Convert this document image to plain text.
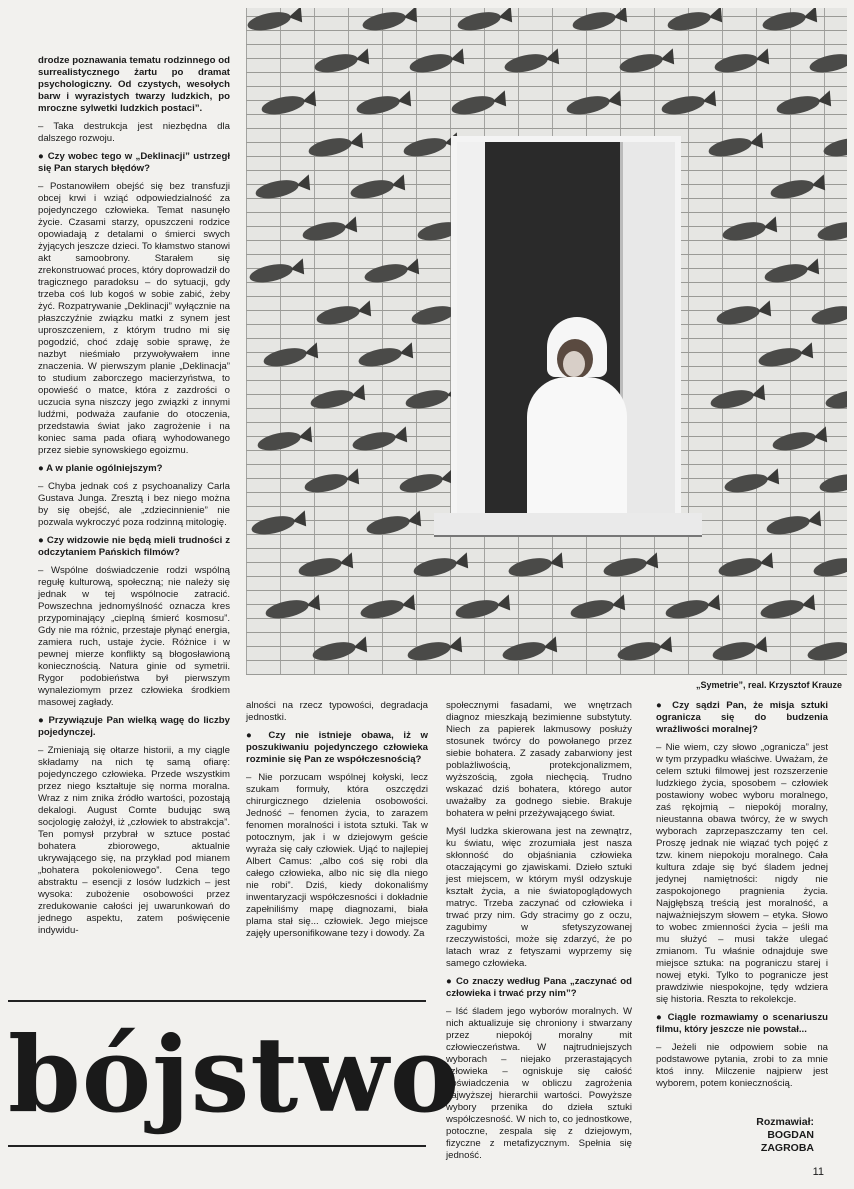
drodze poznawania tematu rodzinnego od surrealistycznego żartu po dramat psychologiczny. Od czystych, wesołych barw i wyrazistych twarzy ludzkich, po mroczne sylwetki ludzkich postaci”.

– Taka destrukcja jest niezbędna dla dalszego rozwoju.

● Czy wobec tego w „Deklinacji” ustrzegł się Pan starych błędów?

– Postanowiłem obejść się bez transfuzji obcej krwi i wziąć odpowiedzialność za pojedynczego człowieka. Temat nasunęło życie. Czasami starzy, opuszczeni rodzice opowiadają z detalami o śmierci swych żyjących jeszcze dzieci. To kłamstwo stanowi akt samoobrony. Starałem się zrekonstruować proces, który doprowadził do tragicznego paradoksu – do sytuacji, gdy trzeba coś lub kogoś w sobie zabić, żeby żyć. Rozpatrywanie „Deklinacji” wyłącznie na płaszczyźnie związku matki z synem jest uproszczeniem, z którym trudno mi się pogodzić, choć zdaję sobie sprawę, że nazbyt nieśmiało przywoływałem inne znaczenia. W pierwszym planie „Deklinacja” to studium zaborczego macierzyństwa, to opowieść o matce, która z zazdrości o uczucia syna niszczy jego związki z innymi ludźmi, podważa zaufanie do otoczenia, przedstawia świat jako zagrożenie i na koniec sama pada ofiarą wyhodowanego przez siebie synowskiego egoizmu.

● A w planie ogólniejszym?

– Chyba jednak coś z psychoanalizy Carla Gustava Junga. Zresztą i bez niego można by się obejść, ale „zdziecinnienie” nie pozwala wykroczyć poza rodzinną mitologię.

● Czy widzowie nie będą mieli trudności z odczytaniem Pańskich filmów?

– Wspólne doświadczenie rodzi wspólną regułę kulturową, społeczną; nie należy się jednak w tej wspólnocie zatracić. Powszechna jednomyślność oznacza kres przypominający „cieplną śmierć kosmosu”. Gdy nie ma różnic, przestaje płynąć energia, zamiera ruch, ustaje życie. Różnice i w pewnej mierze konflikty są błogosławioną koniecznością. Natura ginie od symetrii. Rygor podobieństwa był pierwszym wynaleziomym przez człowieka środkiem masowej zagłady.

● Przywiązuje Pan wielką wagę do liczby pojedynczej.

– Zmieniają się ołtarze historii, a my ciągle składamy na nich tę samą ofiarę: pojedynczego człowieka. Przede wszystkim przez niego kształtuje się norma moralna. Wraz z nim znika źródło wartości, pozostają dekalogi. August Comte budując swą socjologię założył, iż „człowiek to abstrakcja”. Ten pomysł przybrał w sztuce postać bohatera zbiorowego, aktualnie ukrywającego się, na przykład pod mianem „bohatera pokoleniowego”. Cena tego abstraktu – esencji z losów ludzkich – jest wysoka: zubożenie osobowości przez zredukowanie całości jej uwarunkowań do jednego aspektu, zatem poświęcenie indywidu-

„Symetrie”, real. Krzysztof Krauze

alności na rzecz typowości, degradacja jednostki.

● Czy nie istnieje obawa, iż w poszukiwaniu pojedynczego człowieka rozminie się Pan ze współczesnością?

– Nie porzucam wspólnej kołyski, lecz szukam formuły, która oszczędzi chirurgicznego dzielenia osobowości. Jedność – fenomen życia, to zarazem fenomen moralności i istota sztuki. Tak w potocznym, jak i w dziejowym geście wyraża się cały człowiek. Ująć to najlepiej Albert Camus: „albo coś się robi dla całego człowieka, albo nic się dla niego nie robi”. Dziś, kiedy dokonaliśmy inwentaryzacji współczesności i dokładnie zapełniliśmy mapę diagnozami, biała plama stał się... człowiek. Jego miejsce zajęły upersonifikowane tezy i dowody. Za

społecznymi fasadami, we wnętrzach diagnoz mieszkają bezimienne substytuty. Niech za papierek lakmusowy posłuży stosunek twórcy do powołanego przez siebie bohatera. Z zasady zabarwiony jest poblażliwością, protekcjonalizmem, wyższością, zgoła niechęcią. Trudno wskazać dziś bohatera, którego autor uważałby za godnego siebie. Brakuje bohatera w pełni przeżywającego świat.

Myśl ludzka skierowana jest na zewnątrz, ku światu, więc zrozumiała jest nasza skłonność do objaśniania człowieka otaczającymi go zjawiskami. Dzieło sztuki jest miejscem, w którym myśl odzyskuje kształt życia, a nie światopoglądowych matryc. Trzeba zaczynać od człowieka i trwać przy nim. Gdy stracimy go z oczu, zagubimy w sfetyszyzowanej rzeczywistości, może się zdarzyć, że po latach wraz z fetyszami wyprzemy się samego człowieka.

● Co znaczy według Pana „zaczynać od człowieka i trwać przy nim”?

– Iść śladem jego wyborów moralnych. W nich aktualizuje się chroniony i stwarzany przez niepokój moralny mit człowieczeństwa. W najtrudniejszych wyborach – niejako przerastających człowieka – ogniskuje się całość doświadczenia w obliczu zagrożenia najwyższej hierarchii wartości. Powyższe wybory przenika do dzieła sztuki współczesność. W nich to, co jednostkowe, potoczne, zespala się z dziejowym, fizyczne z metafizycznym. Spełnia się jedność.

● Czy sądzi Pan, że misja sztuki ogranicza się do budzenia wrażliwości moralnej?

– Nie wiem, czy słowo „ogranicza” jest w tym przypadku właściwe. Uważam, że celem sztuki filmowej jest rozszerzenie ludzkiego życia, sposobem – człowiek postawiony wobec wyboru moralnego, zaś rękojmią – niepokój moralny, nieustanna obawa twórcy, że w swych wyborach zaprzepaszczamy ten cel. Proszę jednak nie wiązać tych pojęć z tzw. kinem niepokoju moralnego. Cała kultura zdaje się być śladem jednej jedynej namiętności: nigdy nie zaspokojonego pragnienia życia. Najgłębszą treścią jest moralność, a najważniejszym słowem – etyka. Słowo to wobec zmienności życia – jeśli ma mu służyć – musi także ulegać zmianom. Tu właśnie odnajduje swe miejsce sztuka: na pograniczu starej i nowej etyki. Tylko to pogranicze jest prawdziwie niespokojne, tędy wdziera się historia. Reszta to rekolekcje.

● Ciągle rozmawiamy o scenariuszu filmu, który jeszcze nie powstał...

– Jeżeli nie odpowiem sobie na podstawowe pytania, zrobi to za mnie ktoś inny. Milczenie najpierw jest wyborem, potem koniecznością.

bójstwo	Rozmawiał:
BOGDAN
ZAGROBA
11
